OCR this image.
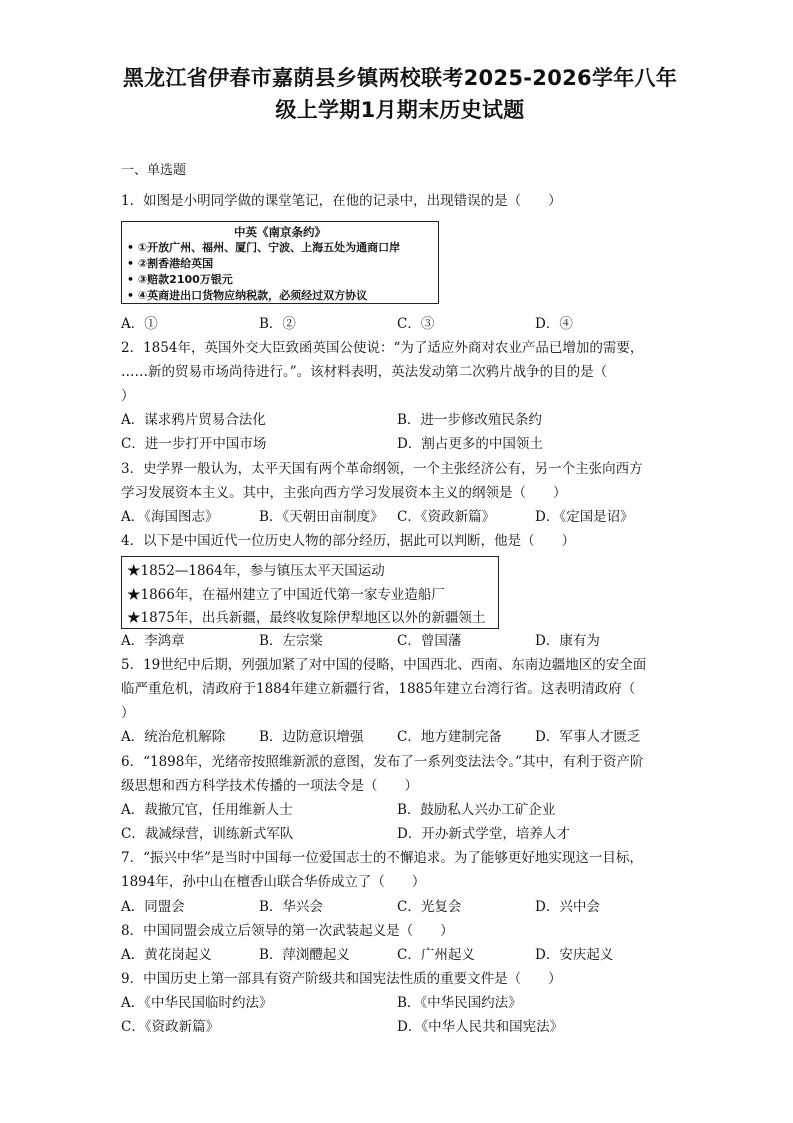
黑龙江省伊春市嘉荫县乡镇两校联考2025-2026学年八年
级上学期1月期末历史试题
一、单选题
1．如图是小明同学做的课堂笔记，在他的记录中，出现错误的是（　　）
中英《南京条约》
• ①开放广州、福州、厦门、宁波、上海五处为通商口岸
• ②割香港给英国
• ③赔款2100万银元
• ④英商进出口货物应纳税款，必须经过双方协议
A．①	B．②	C．③	D．④
2．1854年，英国外交大臣致函英国公使说：“为了适应外商对农业产品已增加的需要，
……新的贸易市场尚待进行。”。该材料表明，英法发动第二次鸦片战争的目的是（
）
A．谋求鸦片贸易合法化	B．进一步修改殖民条约
C．进一步打开中国市场	D．割占更多的中国领土
3．史学界一般认为，太平天国有两个革命纲领，一个主张经济公有，另一个主张向西方
学习发展资本主义。其中，主张向西方学习发展资本主义的纲领是（　　）
A．《海国图志》	B．《天朝田亩制度》 C．《资政新篇》	D．《定国是诏》
4．以下是中国近代一位历史人物的部分经历，据此可以判断，他是（　　）
★1852—1864年，参与镇压太平天国运动
★1866年，在福州建立了中国近代第一家专业造船厂
★1875年，出兵新疆，最终收复除伊犁地区以外的新疆领土
A．李鸿章	B．左宗棠	C．曾国藩	D．康有为
5．19世纪中后期，列强加紧了对中国的侵略，中国西北、西南、东南边疆地区的安全面
临严重危机，清政府于1884年建立新疆行省，1885年建立台湾行省。这表明清政府（
）
A．统治危机解除	B．边防意识增强 C．地方建制完备 D．军事人才匮乏
6．“1898年，光绪帝按照维新派的意图，发布了一系列变法法令。”其中，有利于资产阶
级思想和西方科学技术传播的一项法令是（　　）
A．裁撤冗官，任用维新人士	B．鼓励私人兴办工矿企业
C．裁减绿营，训练新式军队	D．开办新式学堂，培养人才
7．“振兴中华”是当时中国每一位爱国志士的不懈追求。为了能够更好地实现这一目标，
1894年，孙中山在檀香山联合华侨成立了（　　）
A．同盟会	B．华兴会	C．光复会	D．兴中会
8．中国同盟会成立后领导的第一次武装起义是（　　）
A．黄花岗起义	B．萍浏醴起义	C．广州起义	D．安庆起义
9．中国历史上第一部具有资产阶级共和国宪法性质的重要文件是（　　）
A．《中华民国临时约法》	B．《中华民国约法》
C．《资政新篇》	D．《中华人民共和国宪法》
